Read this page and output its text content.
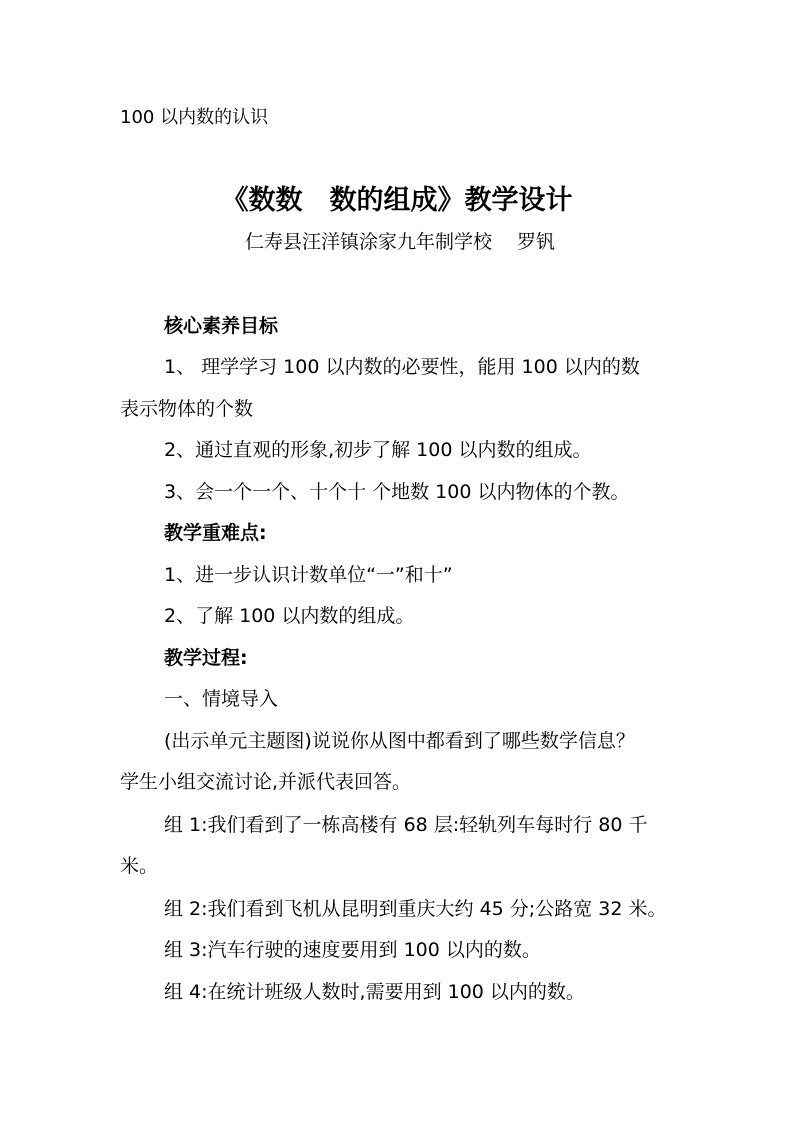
100 以内数的认识
《数数　数的组成》教学设计
仁寿县汪洋镇涂家九年制学校　 罗钒
核心素养目标
1、 理学学习 100 以内数的必要性，能用 100 以内的数
表示物体的个数
2、通过直观的形象,初步了解 100 以内数的组成。
3、会一个一个、十个十 个地数 100 以内物体的个教。
教学重难点:
1、进一步认识计数单位“一”和十”
2、了解 100 以内数的组成。
教学过程:
一、情境导入
(出示单元主题图)说说你从图中都看到了哪些数学信息？
学生小组交流讨论,并派代表回答。
组 1:我们看到了一栋高楼有 68 层:轻轨列车每时行 80 千
米。
组 2:我们看到飞机从昆明到重庆大约 45 分;公路宽 32 米。
组 3:汽车行驶的速度要用到 100 以内的数。
组 4:在统计班级人数时,需要用到 100 以内的数。
